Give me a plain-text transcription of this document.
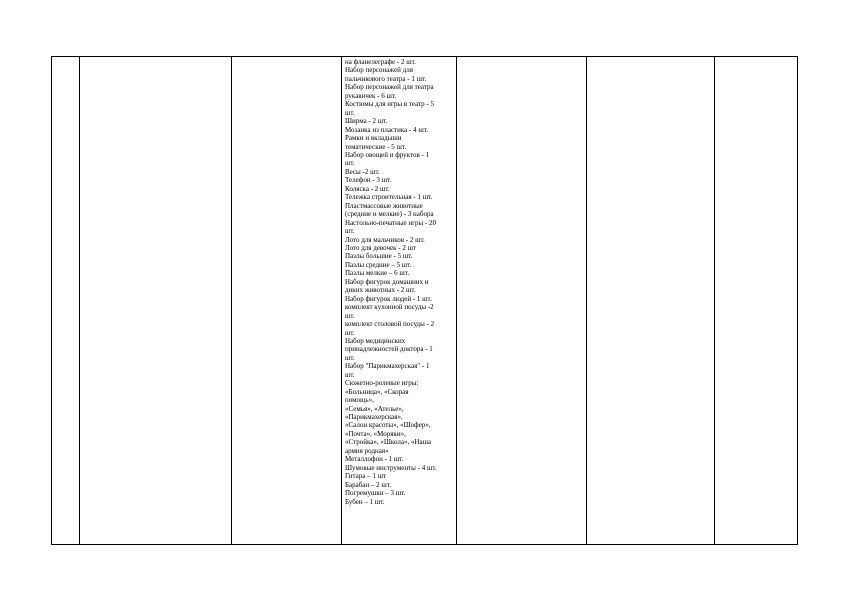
на фланелеграфе - 2 шт.
Набор персонажей для
пальчикового театра - 1 шт.
Набор персонажей для театра
рукавичек - 6 шт.
Костюмы для игры в театр - 5
шт.
Ширма - 2 шт.
Мозаика из пластика - 4 шт.
Рамки и вкладыши
тематические - 5 шт.
Набор овощей и фруктов - 1
шт.
Весы -2 шт.
Телефон - 3 шт.
Коляска - 2 шт.
Тележка строительная - 1 шт.
Пластмассовые животные
(средние и мелкие) - 3 набора
Настольно-печатные игры - 20
шт.
Лото для мальчиков - 2 шт.
Лото для девочек - 2 шт
Пазлы большие - 5 шт.
Пазлы средние – 5 шт.
Пазлы мелкие – 6 шт.
Набор фигурок домашних и
диких животных - 2 шт.
Набор фигурок людей - 1 шт.
комплект кухонной посуды -2
шт.
комплект столовой посуды - 2
шт.
Набор медицинских
принадлежностей доктора - 1
шт.
Набор "Парикмахерская" - 1
шт.
Сюжетно-ролевые игры:
«Больница», «Скорая
помощь»,
«Семья», «Ателье»,
«Парикмахерская»,
«Салон красоты», «Шофер»,
«Почта», «Моряки»,
«Стройка», «Школа», «Наша
армия родная»
Металлофон - 1 шт.
Шумовые инструменты - 4 шт.
Гитара – 1 шт
Барабан – 2 шт.
Погремушки – 3 шт.
Бубен – 1 шт.
